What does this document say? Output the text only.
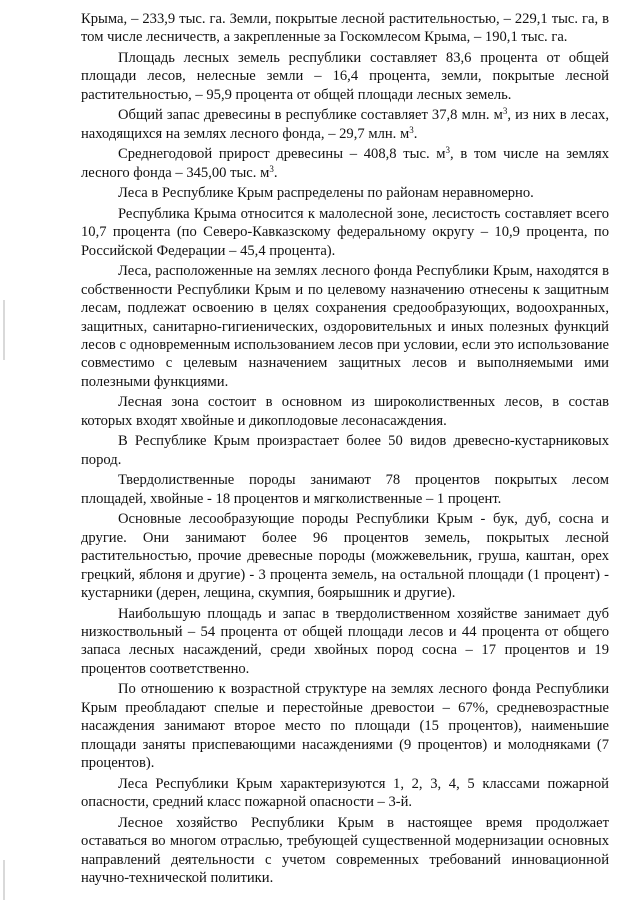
Крыма, – 233,9 тыс. га. Земли, покрытые лесной растительностью, – 229,1 тыс. га, в том числе лесничеств, а закрепленные за Госкомлесом Крыма, – 190,1 тыс. га.

Площадь лесных земель республики составляет 83,6 процента от общей площади лесов, нелесные земли – 16,4 процента, земли, покрытые лесной растительностью, – 95,9 процента от общей площади лесных земель.

Общий запас древесины в республике составляет 37,8 млн. $м^3$, из них в лесах, находящихся на землях лесного фонда, – 29,7 млн. $м^3$.

Среднегодовой прирост древесины – 408,8 тыс. $м^3$, в том числе на землях лесного фонда – 345,00 тыс. $м^3$.

Леса в Республике Крым распределены по районам неравномерно.

Республика Крыма относится к малолесной зоне, лесистость составляет всего 10,7 процента (по Северо-Кавказскому федеральному округу – 10,9 процента, по Российской Федерации – 45,4 процента).

Леса, расположенные на землях лесного фонда Республики Крым, находятся в собственности Республики Крым и по целевому назначению отнесены к защитным лесам, подлежат освоению в целях сохранения средообразующих, водоохранных, защитных, санитарно-гигиенических, оздоровительных и иных полезных функций лесов с одновременным использованием лесов при условии, если это использование совместимо с целевым назначением защитных лесов и выполняемыми ими полезными функциями.

Лесная зона состоит в основном из широколиственных лесов, в состав которых входят хвойные и дикоплодовые лесонасаждения.

В Республике Крым произрастает более 50 видов древесно-кустарниковых пород.

Твердолиственные породы занимают 78 процентов покрытых лесом площадей, хвойные - 18 процентов и мягколиственные – 1 процент.

Основные лесообразующие породы Республики Крым - бук, дуб, сосна и другие. Они занимают более 96 процентов земель, покрытых лесной растительностью, прочие древесные породы (можжевельник, груша, каштан, орех грецкий, яблоня и другие) - 3 процента земель, на остальной площади (1 процент) - кустарники (дерен, лещина, скумпия, боярышник и другие).

Наибольшую площадь и запас в твердолиственном хозяйстве занимает дуб низкоствольный – 54 процента от общей площади лесов и 44 процента от общего запаса лесных насаждений, среди хвойных пород сосна – 17 процентов и 19 процентов соответственно.

По отношению к возрастной структуре на землях лесного фонда Республики Крым преобладают спелые и перестойные древостои – 67%, средневозрастные насаждения занимают второе место по площади (15 процентов), наименьшие площади заняты приспевающими насаждениями (9 процентов) и молодняками (7 процентов).

Леса Республики Крым характеризуются 1, 2, 3, 4, 5 классами пожарной опасности, средний класс пожарной опасности – 3-й.

Лесное хозяйство Республики Крым в настоящее время продолжает оставаться во многом отраслью, требующей существенной модернизации основных направлений деятельности с учетом современных требований инновационной научно-технической политики.
